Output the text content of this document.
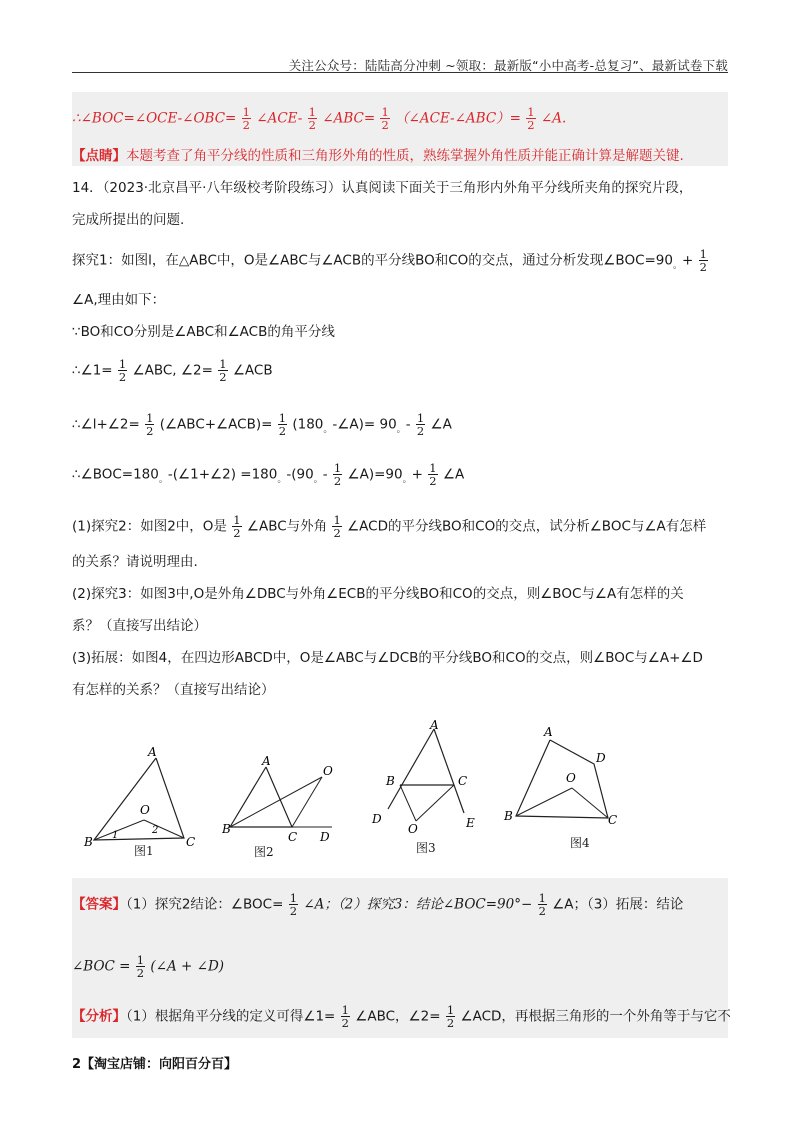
关注公众号：陆陆高分冲刺 ~领取：最新版“小中高考-总复习”、最新试卷下载
∴∠BOC=∠OCE-∠OBC= $\frac{1}{2}$ ∠ACE- $\frac{1}{2}$ ∠ABC= $\frac{1}{2}$ （∠ACE-∠ABC）= $\frac{1}{2}$ ∠A.
【点睛】本题考查了角平分线的性质和三角形外角的性质，熟练掌握外角性质并能正确计算是解题关键.
14．（2023·北京昌平·八年级校考阶段练习）认真阅读下面关于三角形内外角平分线所夹角的探究片段，
完成所提出的问题.
探究1：如图l，在△ABC中，O是∠ABC与∠ACB的平分线BO和CO的交点，通过分析发现$\angle BOC=90_。+ \frac{1}{2}$
∠A,理由如下：
∵BO和CO分别是∠ABC和∠ACB的角平分线
∴∠1= $\frac{1}{2}$ ∠ABC, ∠2= $\frac{1}{2}$ ∠ACB
∴∠l+∠2= $\frac{1}{2}$ (∠ABC+∠ACB)= $\frac{1}{2}$ $(180_。-\angle A)= 90_。- \frac{1}{2}$ ∠A
$\therefore\angle BOC=180_。-(\angle 1+\angle 2) =180_。-(90_。- \frac{1}{2}$ $\angle A)=90_。+ \frac{1}{2}$ ∠A
(1)探究2：如图2中，O是 $\frac{1}{2}$ ∠ABC与外角 $\frac{1}{2}$ ∠ACD的平分线BO和CO的交点，试分析∠BOC与∠A有怎样
的关系？请说明理由.
(2)探究3：如图3中,O是外角∠DBC与外角∠ECB的平分线BO和CO的交点，则∠BOC与∠A有怎样的关
系？（直接写出结论）
(3)拓展：如图4，在四边形ABCD中，O是∠ABC与∠DCB的平分线BO和CO的交点，则∠BOC与∠A+∠D
有怎样的关系？（直接写出结论）
A
B	C
O
1	2
图1
A
B
C
O
D
图2
A
B	C
O
D	E
图3
A
B	C
O
D
图4
【答案】（1）探究2结论：∠BOC= $\frac{1}{2}$ ∠A；（2）探究3：结论∠BOC=90°− $\frac{1}{2}$ ∠A；（3）拓展：结论
∠BOC = $\frac{1}{2}$ (∠A + ∠D)
【分析】（1）根据角平分线的定义可得∠1= $\frac{1}{2}$ ∠ABC，∠2= $\frac{1}{2}$ ∠ACD，再根据三角形的一个外角等于与它不
2【淘宝店铺：向阳百分百】
